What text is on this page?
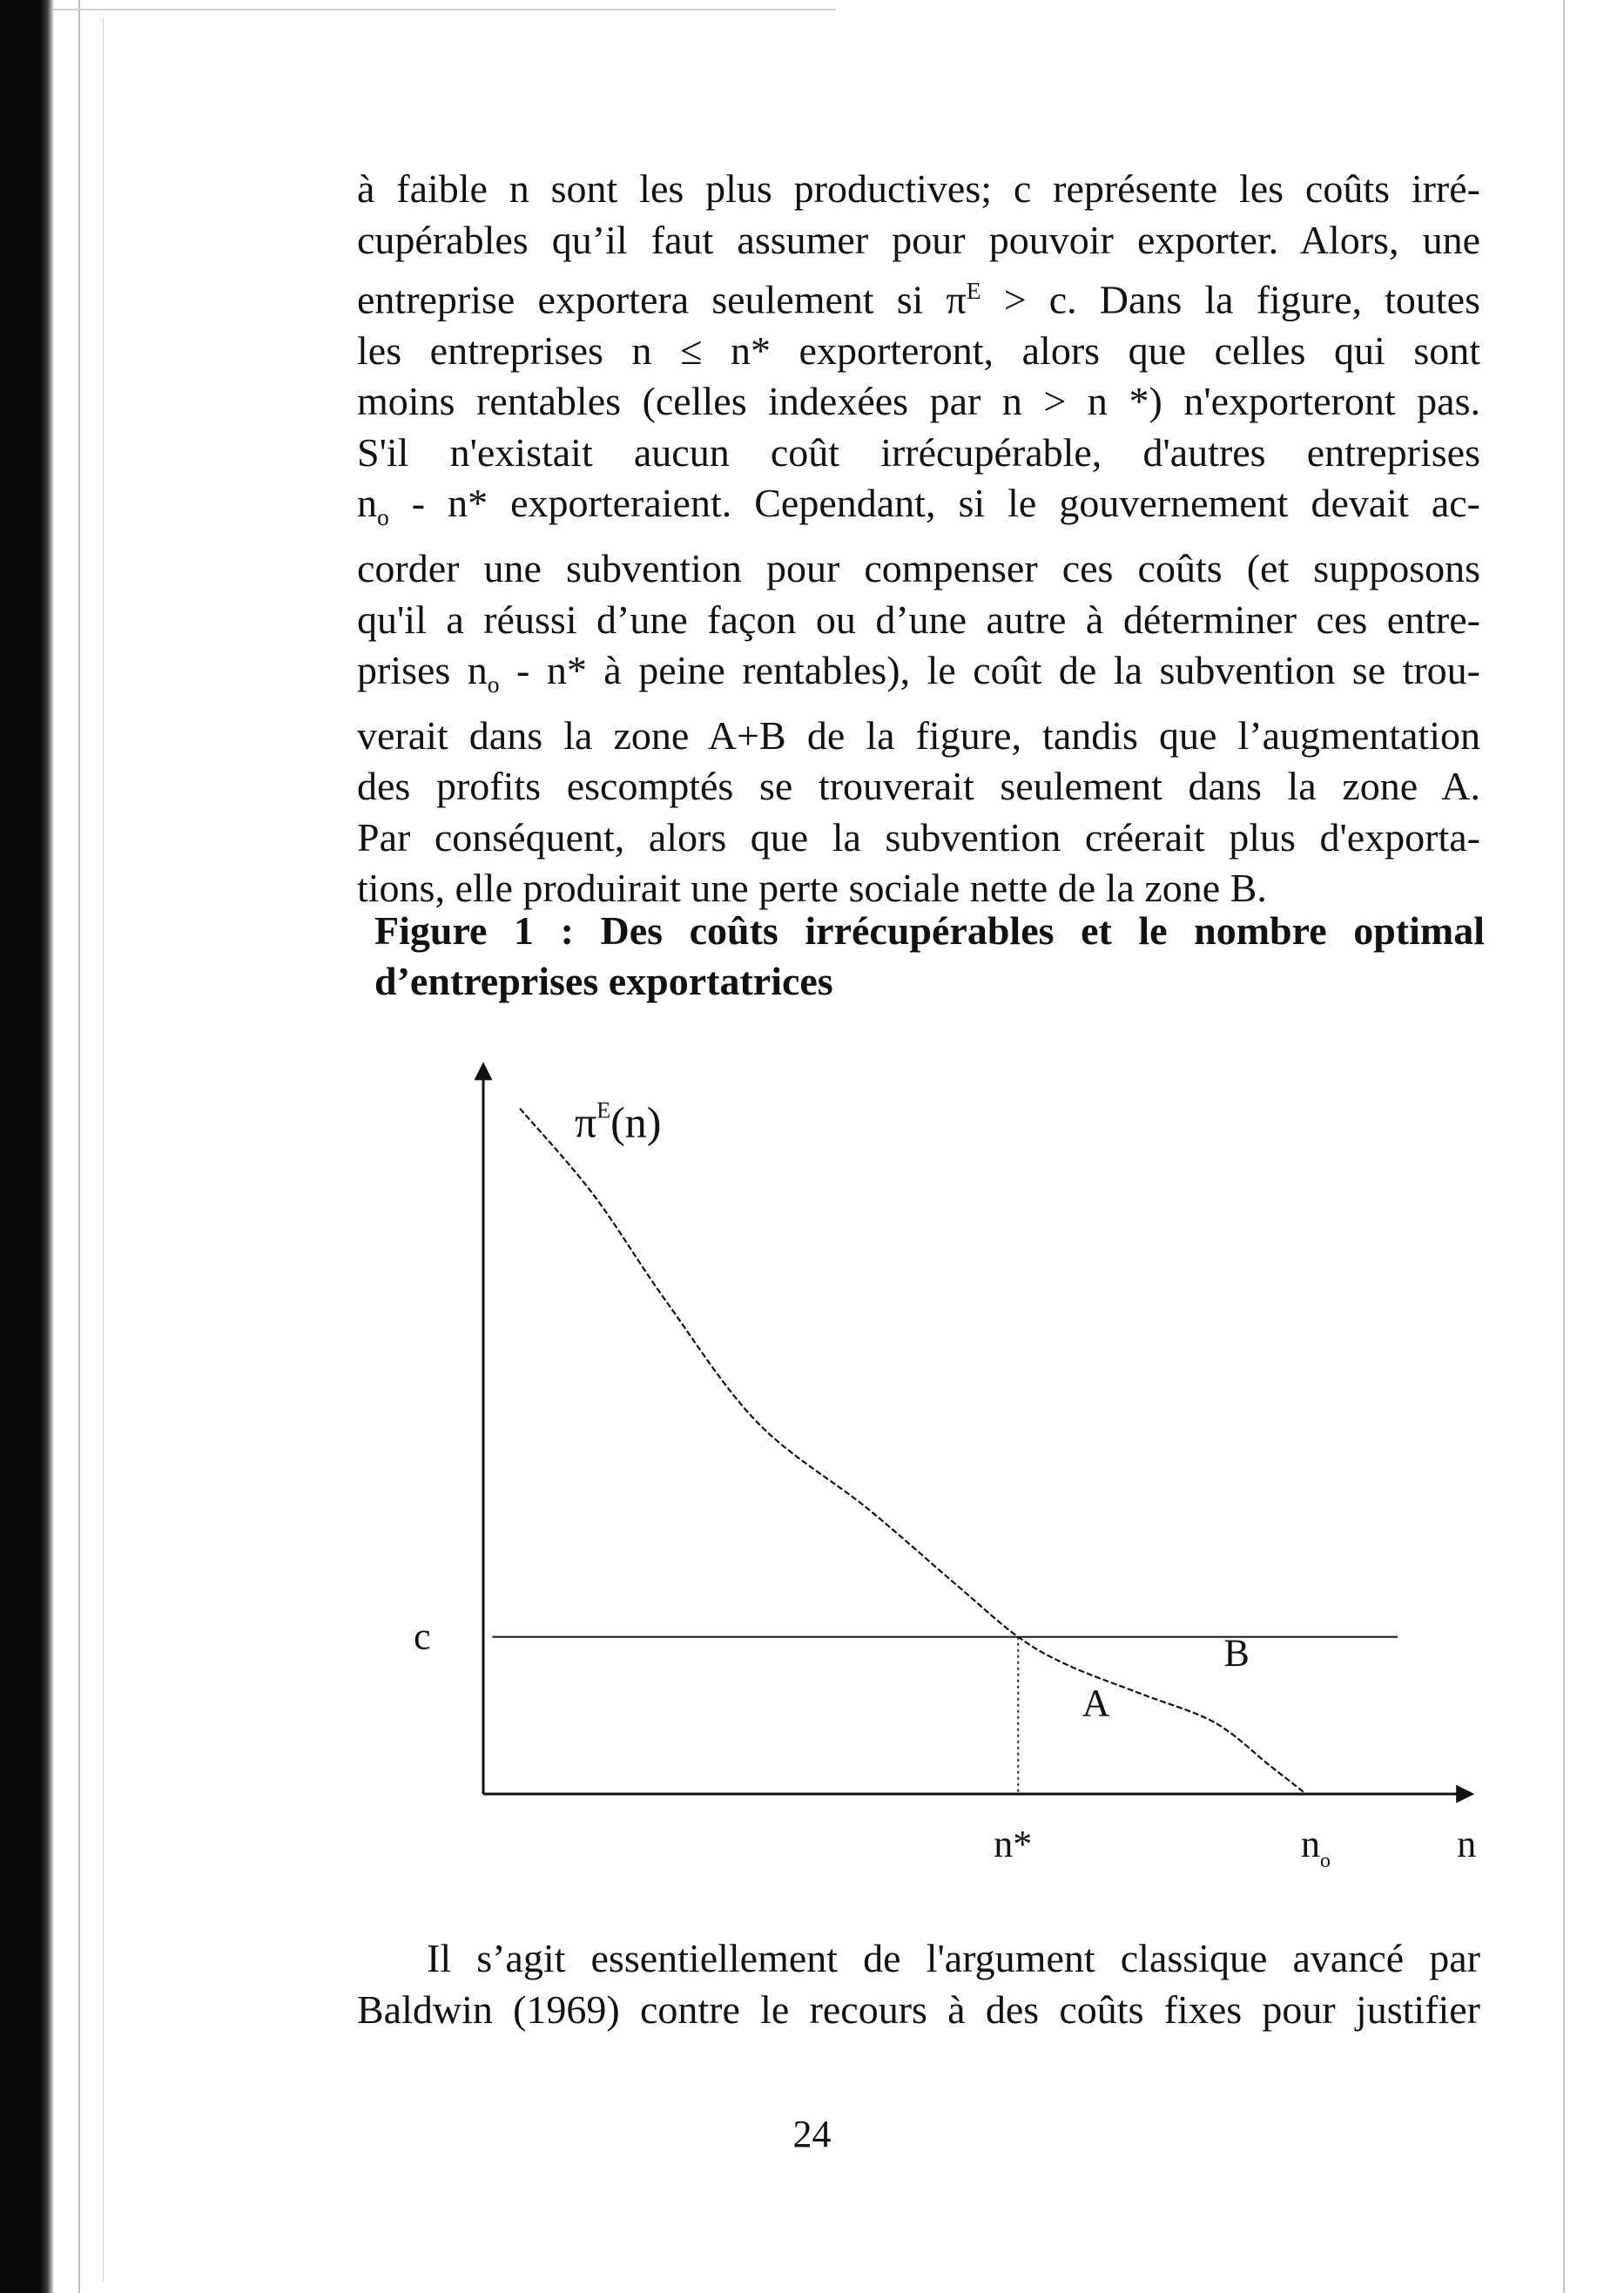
à faible n sont les plus productives; c représente les coûts irré-
cupérables qu’il faut assumer pour pouvoir exporter. Alors, une
entreprise exportera seulement si $\pi^E > c$. Dans la figure, toutes
les entreprises n ≤ n* exporteront, alors que celles qui sont
moins rentables (celles indexées par n > n *) n'exporteront pas.
S'il n'existait aucun coût irrécupérable, d'autres entreprises
$n_o - n*$ exporteraient. Cependant, si le gouvernement devait ac-
corder une subvention pour compenser ces coûts (et supposons
qu'il a réussi d’une façon ou d’une autre à déterminer ces entre-
prises $n_o - n*$ à peine rentables), le coût de la subvention se trou-
verait dans la zone A+B de la figure, tandis que l’augmentation
des profits escomptés se trouverait seulement dans la zone A.
Par conséquent, alors que la subvention créerait plus d'exporta-
tions, elle produirait une perte sociale nette de la zone B.
Figure 1 : Des coûts irrécupérables et le nombre optimal
d’entreprises exportatrices
$\pi^E(n)$
c
A
B
n*	$n_o$	n
Il s’agit essentiellement de l'argument classique avancé par
Baldwin (1969) contre le recours à des coûts fixes pour justifier

24
